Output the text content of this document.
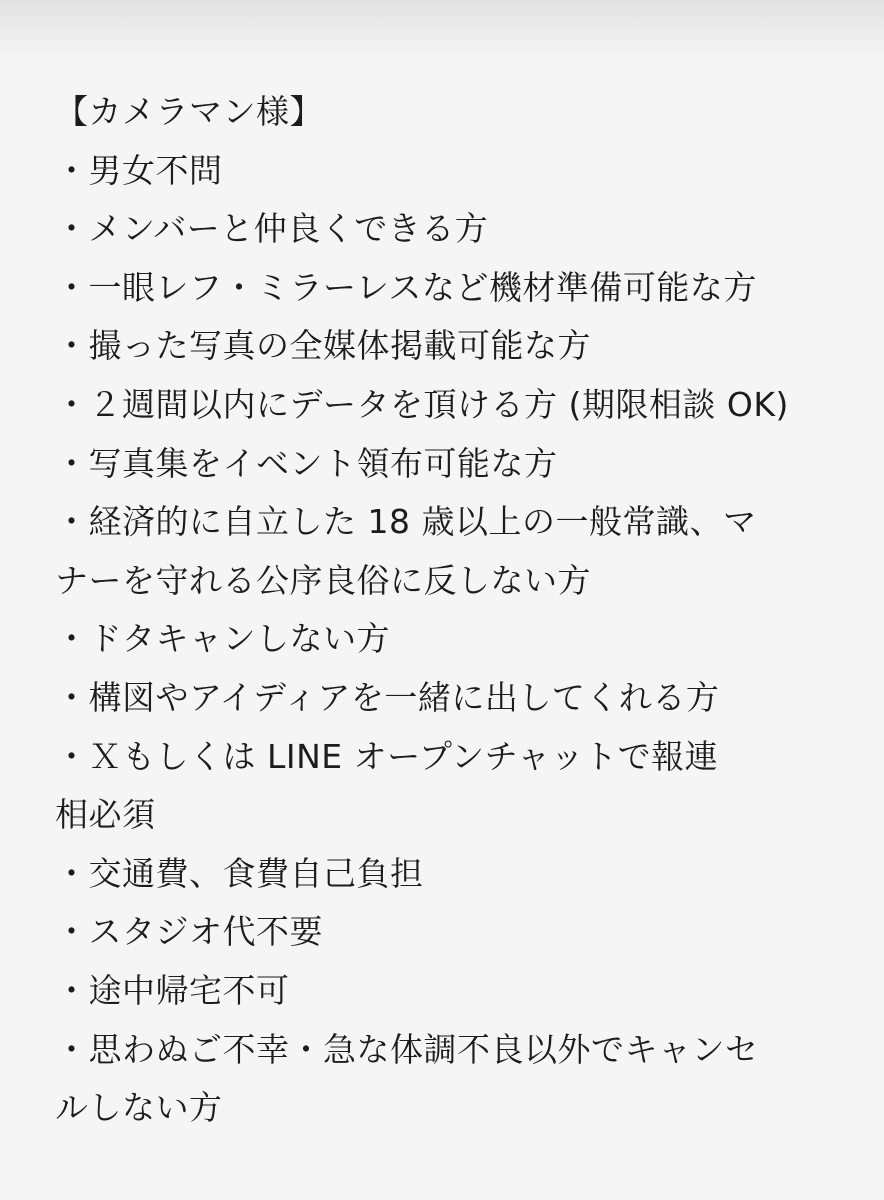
【カメラマン様】
・男女不問
・メンバーと仲良くできる方
・一眼レフ・ミラーレスなど機材準備可能な方
・撮った写真の全媒体掲載可能な方
・２週間以内にデータを頂ける方 (期限相談 OK)
・写真集をイベント領布可能な方
・経済的に自立した 18 歳以上の一般常識、マ
ナーを守れる公序良俗に反しない方
・ドタキャンしない方
・構図やアイディアを一緒に出してくれる方
・Ｘもしくは LINE オープンチャットで報連
相必須
・交通費、食費自己負担
・スタジオ代不要
・途中帰宅不可
・思わぬご不幸・急な体調不良以外でキャンセ
ルしない方
